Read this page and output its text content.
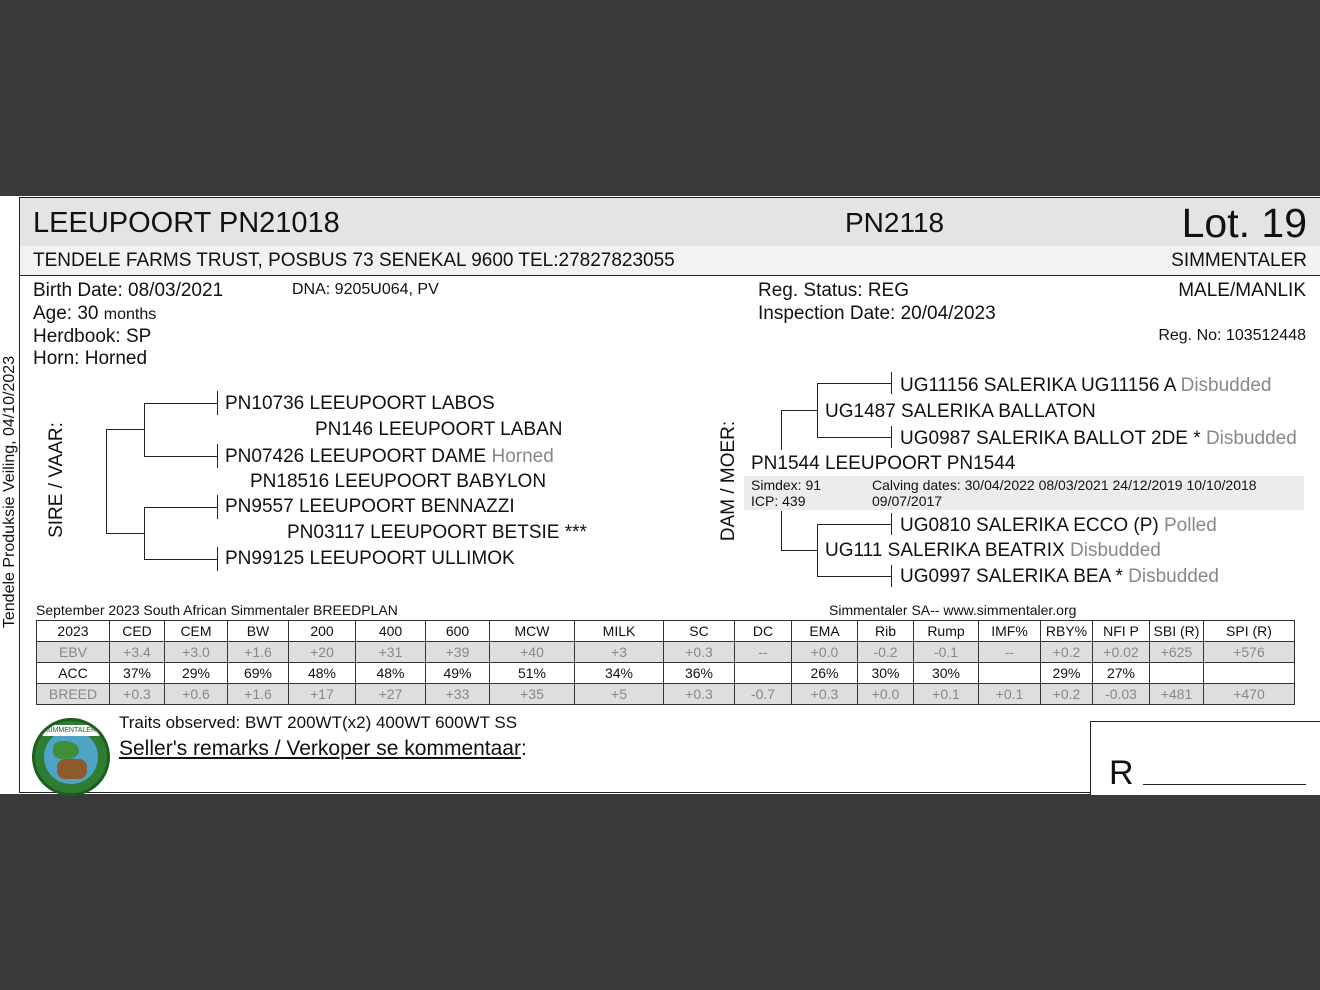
Tendele Produksie Veiling, 04/10/2023
LEEUPOORT PN21018	PN2118	Lot. 19
TENDELE FARMS TRUST, POSBUS 73 SENEKAL 9600 TEL:27827823055	SIMMENTALER
Birth Date: 08/03/2021	DNA: 9205U064, PV
Age: 30 months
Herdbook: SP
Horn: Horned
Reg. Status: REG
Inspection Date: 20/04/2023
MALE/MANLIK
Reg. No: 103512448
SIRE / VAAR:
PN10736 LEEUPOORT LABOS
PN146 LEEUPOORT LABAN
PN07426 LEEUPOORT DAME Horned
PN18516 LEEUPOORT BABYLON
PN9557 LEEUPOORT BENNAZZI
PN03117 LEEUPOORT BETSIE ***
PN99125 LEEUPOORT ULLIMOK
DAM / MOER:
UG11156 SALERIKA UG11156 A Disbudded
UG1487 SALERIKA BALLATON
UG0987 SALERIKA BALLOT 2DE * Disbudded
PN1544 LEEUPOORT PN1544
Simdex: 91
ICP: 439
Calving dates: 30/04/2022 08/03/2021 24/12/2019 10/10/2018
09/07/2017
UG0810 SALERIKA ECCO (P) Polled
UG111 SALERIKA BEATRIX Disbudded
UG0997 SALERIKA BEA * Disbudded
September 2023 South African Simmentaler BREEDPLAN	Simmentaler SA-- www.simmentaler.org
2023	CED	CEM	BW	200	400	600	MCW	MILK	SC	DC	EMA	Rib	Rump	IMF%	RBY%	NFI P	SBI (R)	SPI (R)
EBV	+3.4	+3.0	+1.6	+20	+31	+39	+40	+3	+0.3	--	+0.0	-0.2	-0.1	--	+0.2	+0.02	+625	+576
ACC	37%	29%	69%	48%	48%	49%	51%	34%	36%		26%	30%	30%		29%	27%		
BREED	+0.3	+0.6	+1.6	+17	+27	+33	+35	+5	+0.3	-0.7	+0.3	+0.0	+0.1	+0.1	+0.2	-0.03	+481	+470
SIMMENTALER Traits observed: BWT 200WT(x2) 400WT 600WT SS
Seller's remarks / Verkoper se kommentaar:
R
